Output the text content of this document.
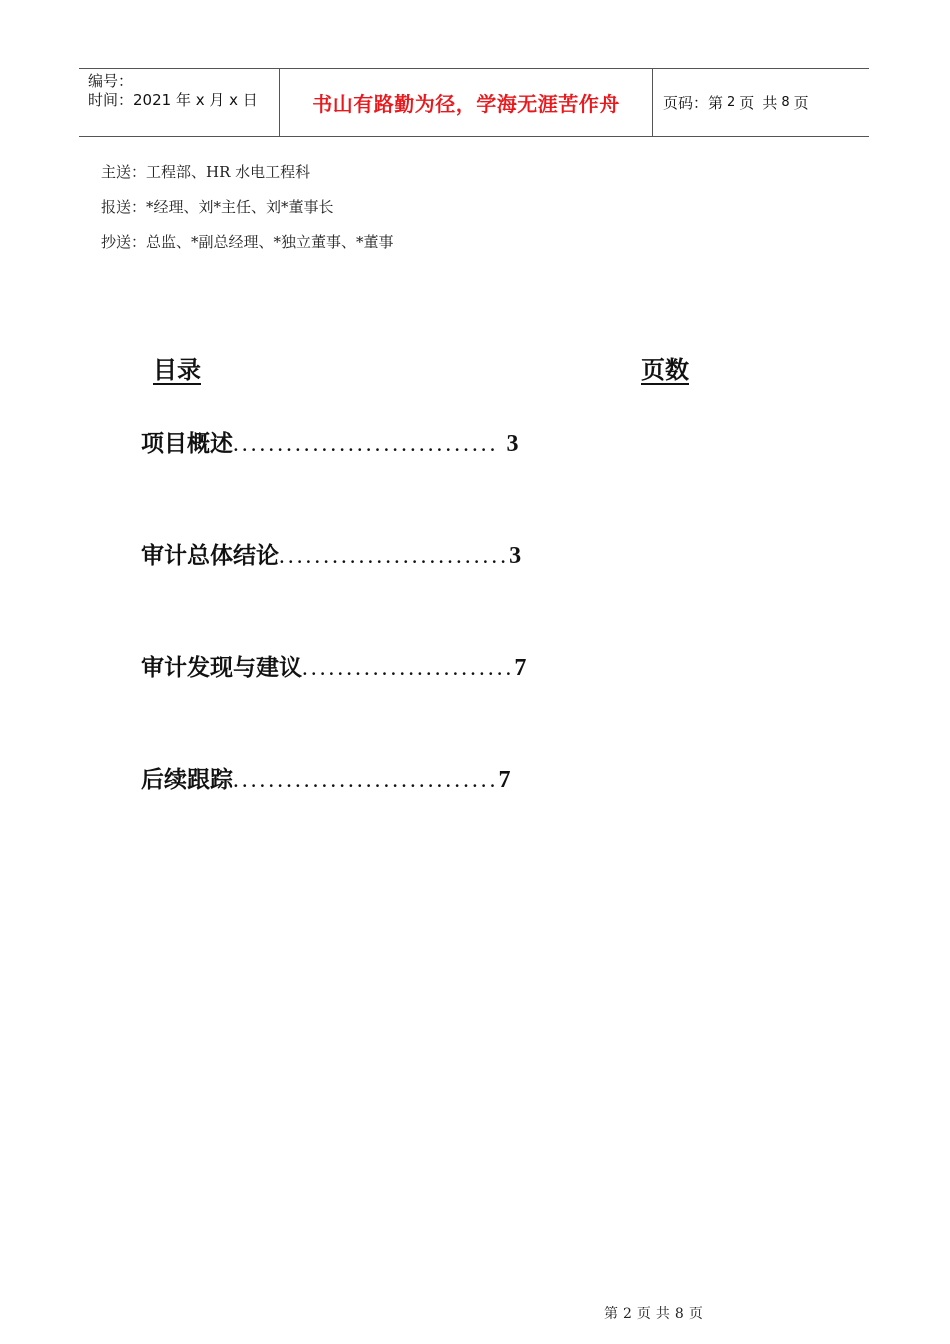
编号：
时间：2021 年 x 月 x 日	书山有路勤为径，学海无涯苦作舟	页码：第 2 页 共 8 页
主送：工程部、HR 水电工程科
报送：*经理、刘*主任、刘*董事长
抄送：总监、*副总经理、*独立董事、*董事
目录	页数
项目概述.............................. 3
审计总体结论..........................3
审计发现与建议........................7
后续跟踪..............................7
第 2 页 共 8 页
